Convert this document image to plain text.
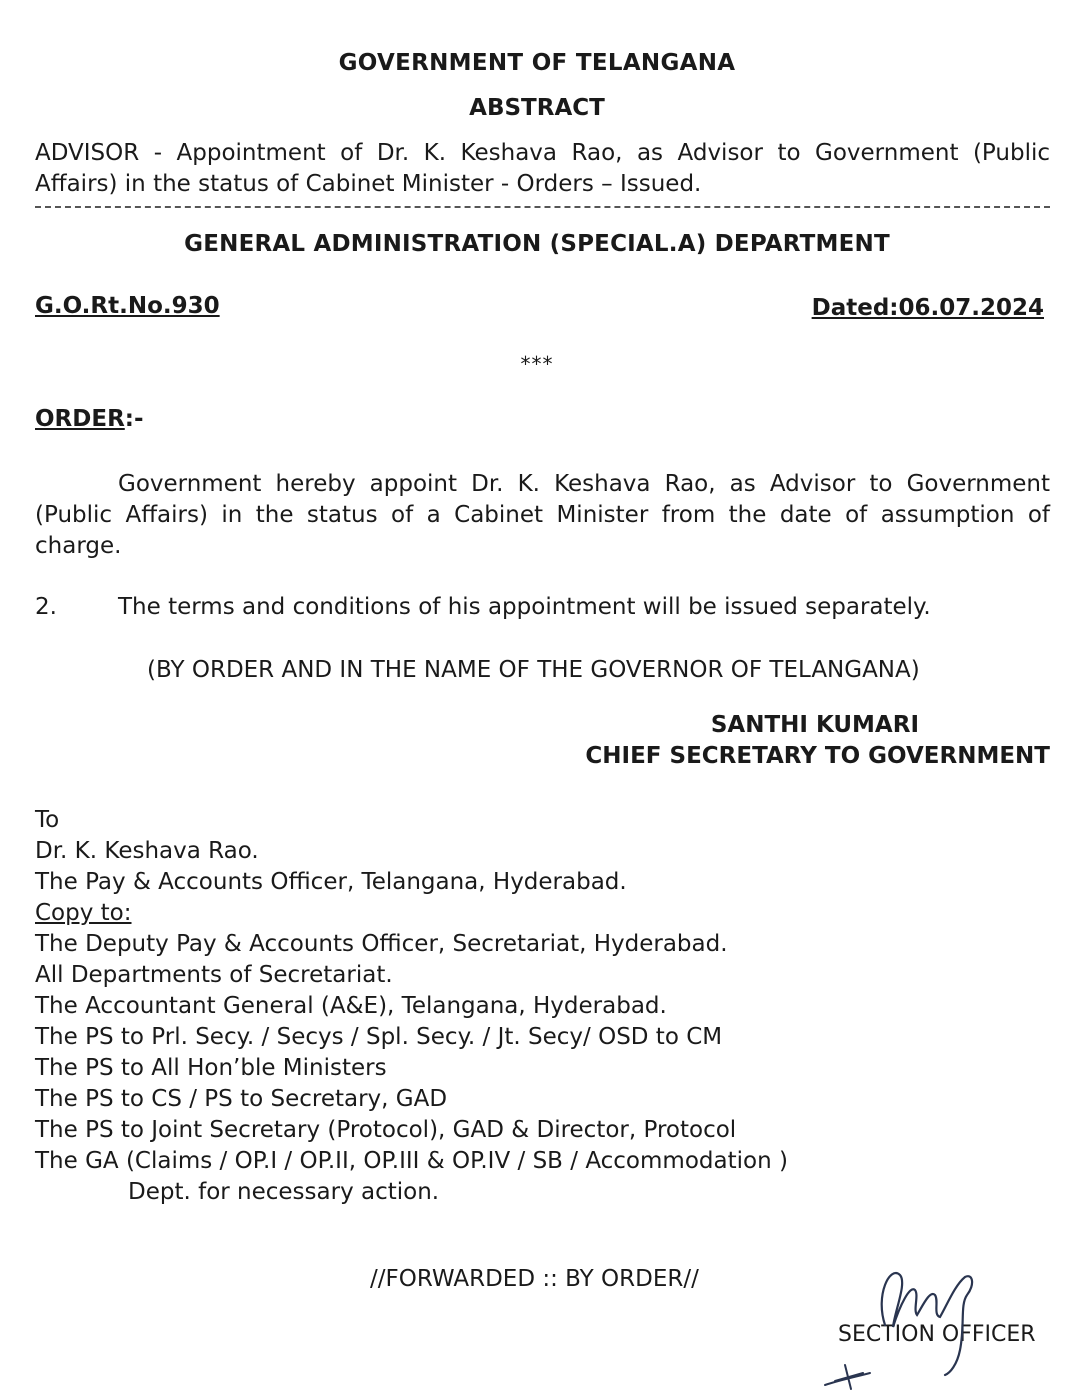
GOVERNMENT OF TELANGANA
ABSTRACT
ADVISOR - Appointment of Dr. K. Keshava Rao, as Advisor to Government (Public
Affairs) in the status of Cabinet Minister - Orders – Issued.
GENERAL ADMINISTRATION (SPECIAL.A) DEPARTMENT
G.O.Rt.No.930	Dated:06.07.2024
***
ORDER:-
Government hereby appoint Dr. K. Keshava Rao, as Advisor to Government
(Public Affairs) in the status of a Cabinet Minister from the date of assumption of
charge.
2.	The terms and conditions of his appointment will be issued separately.
(BY ORDER AND IN THE NAME OF THE GOVERNOR OF TELANGANA)
SANTHI KUMARI
CHIEF SECRETARY TO GOVERNMENT
To
Dr. K. Keshava Rao.
The Pay & Accounts Officer, Telangana, Hyderabad.
Copy to:
The Deputy Pay & Accounts Officer, Secretariat, Hyderabad.
All Departments of Secretariat.
The Accountant General (A&E), Telangana, Hyderabad.
The PS to Prl. Secy. / Secys / Spl. Secy. / Jt. Secy/ OSD to CM
The PS to All Hon’ble Ministers
The PS to CS / PS to Secretary, GAD
The PS to Joint Secretary (Protocol), GAD & Director, Protocol
The GA (Claims / OP.I / OP.II, OP.III & OP.IV / SB / Accommodation )
Dept. for necessary action.
//FORWARDED :: BY ORDER//
SECTION OFFICER
